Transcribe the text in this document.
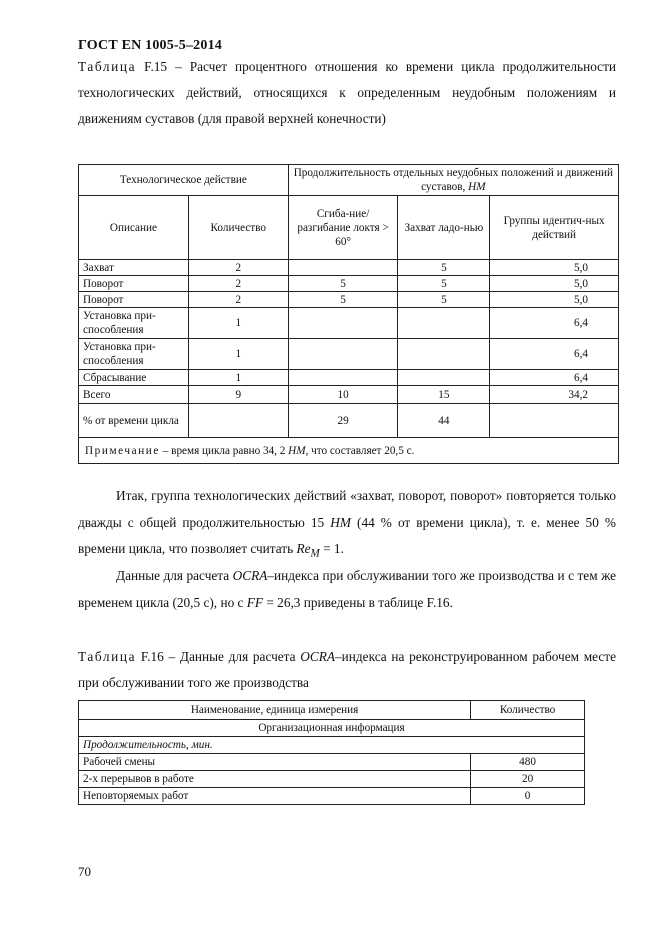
ГОСТ EN 1005-5–2014
Таблица F.15 – Расчет процентного отношения ко времени цикла продолжительности технологических действий, относящихся к определенным неудобным положениям и движениям суставов (для правой верхней конечности)
Технологическое действие		Продолжительность отдельных неудобных положений и движений суставов, НМ		
Описание	Количество	Сгиба-ние/разгибание локтя > 60°	Захват ладо-нью	Группы идентич-ных действий
Захват	2		5	5,0
Поворот	2	5	5	5,0
Поворот	2	5	5	5,0
Установка при-способления	1			6,4
Установка при-способления	1			6,4
Сбрасывание	1			6,4
Всего	9	10	15	34,2
% от времени цикла		29	44	
Примечание – время цикла равно 34, 2 НМ, что составляет 20,5 с.				
Итак, группа технологических действий «захват, поворот, поворот» повторяется только дважды с общей продолжительностью 15 НМ (44 % от времени цикла), т. е. менее 50 % времени цикла, что позволяет считать $Re_M = 1$.
Данные для расчета OCRA–индекса при обслуживании того же производства и с тем же временем цикла (20,5 с), но с FF = 26,3 приведены в таблице F.16.
Таблица F.16 – Данные для расчета OCRA–индекса на реконструированном рабочем месте при обслуживании того же производства
Наименование, единица измерения	Количество
Организационная информация	
Продолжительность, мин.	
Рабочей смены	480
2-х перерывов в работе	20
Неповторяемых работ	0
70
